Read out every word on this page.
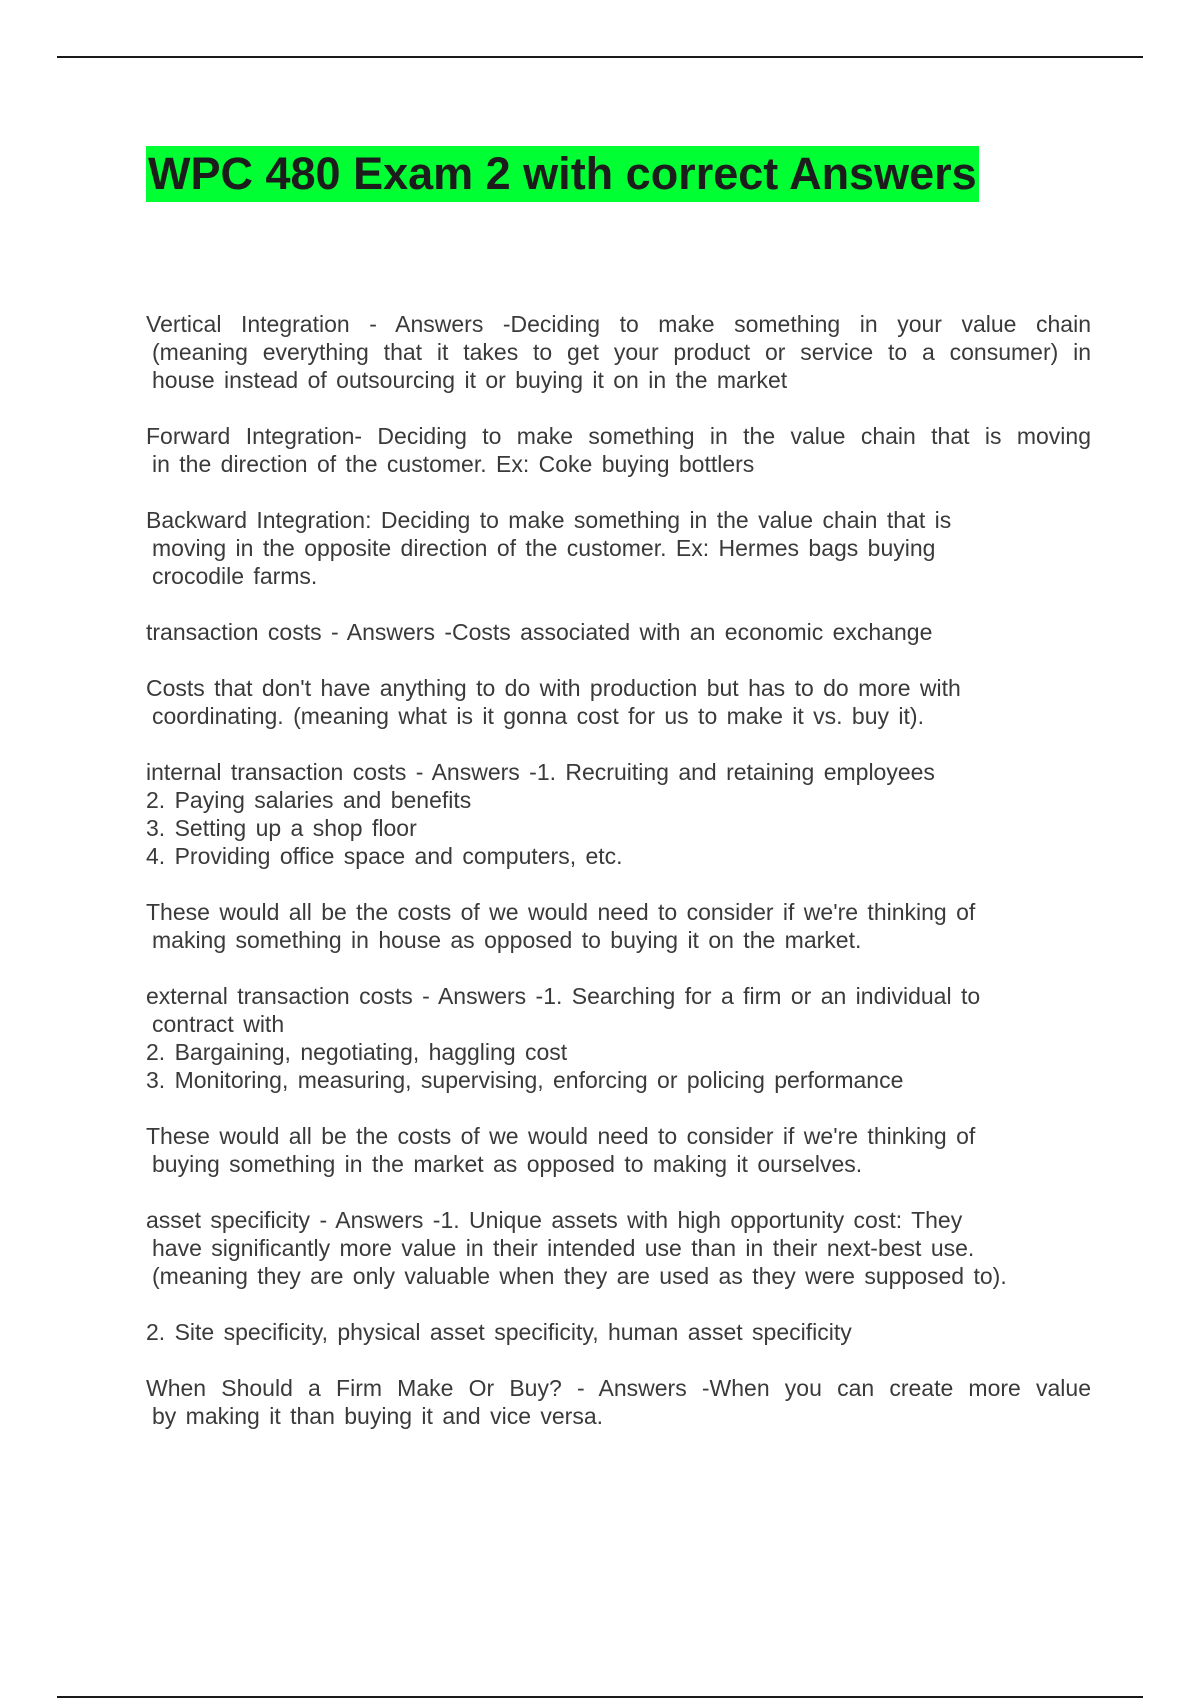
WPC 480 Exam 2 with correct Answers
Vertical Integration - Answers -Deciding to make something in your value chain
(meaning everything that it takes to get your product or service to a consumer) in
house instead of outsourcing it or buying it on in the market
Forward Integration- Deciding to make something in the value chain that is moving
in the direction of the customer. Ex: Coke buying bottlers
Backward Integration: Deciding to make something in the value chain that is
moving in the opposite direction of the customer. Ex: Hermes bags buying
crocodile farms.
transaction costs - Answers -Costs associated with an economic exchange
Costs that don't have anything to do with production but has to do more with
coordinating. (meaning what is it gonna cost for us to make it vs. buy it).
internal transaction costs - Answers -1. Recruiting and retaining employees
2. Paying salaries and benefits
3. Setting up a shop floor
4. Providing office space and computers, etc.
These would all be the costs of we would need to consider if we're thinking of
making something in house as opposed to buying it on the market.
external transaction costs - Answers -1. Searching for a firm or an individual to
contract with
2. Bargaining, negotiating, haggling cost
3. Monitoring, measuring, supervising, enforcing or policing performance
These would all be the costs of we would need to consider if we're thinking of
buying something in the market as opposed to making it ourselves.
asset specificity - Answers -1. Unique assets with high opportunity cost: They
have significantly more value in their intended use than in their next-best use.
(meaning they are only valuable when they are used as they were supposed to).
2. Site specificity, physical asset specificity, human asset specificity
When Should a Firm Make Or Buy? - Answers -When you can create more value
by making it than buying it and vice versa.
